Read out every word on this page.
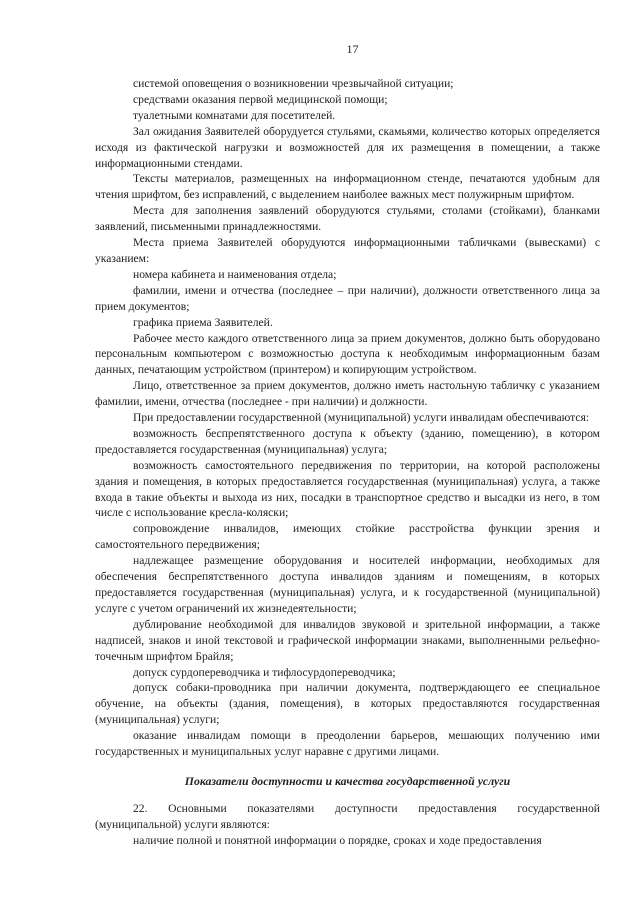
17

системой оповещения о возникновении чрезвычайной ситуации;

средствами оказания первой медицинской помощи;

туалетными комнатами для посетителей.

Зал ожидания Заявителей оборудуется стульями, скамьями, количество которых определяется исходя из фактической нагрузки и возможностей для их размещения в помещении, а также информационными стендами.

Тексты материалов, размещенных на информационном стенде, печатаются удобным для чтения шрифтом, без исправлений, с выделением наиболее важных мест полужирным шрифтом.

Места для заполнения заявлений оборудуются стульями, столами (стойками), бланками заявлений, письменными принадлежностями.

Места приема Заявителей оборудуются информационными табличками (вывесками) с указанием:

номера кабинета и наименования отдела;

фамилии, имени и отчества (последнее – при наличии), должности ответственного лица за прием документов;

графика приема Заявителей.

Рабочее место каждого ответственного лица за прием документов, должно быть оборудовано персональным компьютером с возможностью доступа к необходимым информационным базам данных, печатающим устройством (принтером) и копирующим устройством.

Лицо, ответственное за прием документов, должно иметь настольную табличку с указанием фамилии, имени, отчества (последнее - при наличии) и должности.

При предоставлении государственной (муниципальной) услуги инвалидам обеспечиваются:

возможность беспрепятственного доступа к объекту (зданию, помещению), в котором предоставляется государственная (муниципальная) услуга;

возможность самостоятельного передвижения по территории, на которой расположены здания и помещения, в которых предоставляется государственная (муниципальная) услуга, а также входа в такие объекты и выхода из них, посадки в транспортное средство и высадки из него, в том числе с использование кресла-коляски;

сопровождение инвалидов, имеющих стойкие расстройства функции зрения и самостоятельного передвижения;

надлежащее размещение оборудования и носителей информации, необходимых для обеспечения беспрепятственного доступа инвалидов зданиям и помещениям, в которых предоставляется государственная (муниципальная) услуга, и к государственной (муниципальной) услуге с учетом ограничений их жизнедеятельности;

дублирование необходимой для инвалидов звуковой и зрительной информации, а также надписей, знаков и иной текстовой и графической информации знаками, выполненными рельефно-точечным шрифтом Брайля;

допуск сурдопереводчика и тифлосурдопереводчика;

допуск собаки-проводника при наличии документа, подтверждающего ее специальное обучение, на объекты (здания, помещения), в которых предоставляются государственная (муниципальная) услуги;

оказание инвалидам помощи в преодолении барьеров, мешающих получению ими государственных и муниципальных услуг наравне с другими лицами.

Показатели доступности и качества государственной услуги

22. Основными показателями доступности предоставления государственной (муниципальной) услуги являются:

наличие полной и понятной информации о порядке, сроках и ходе предоставления
